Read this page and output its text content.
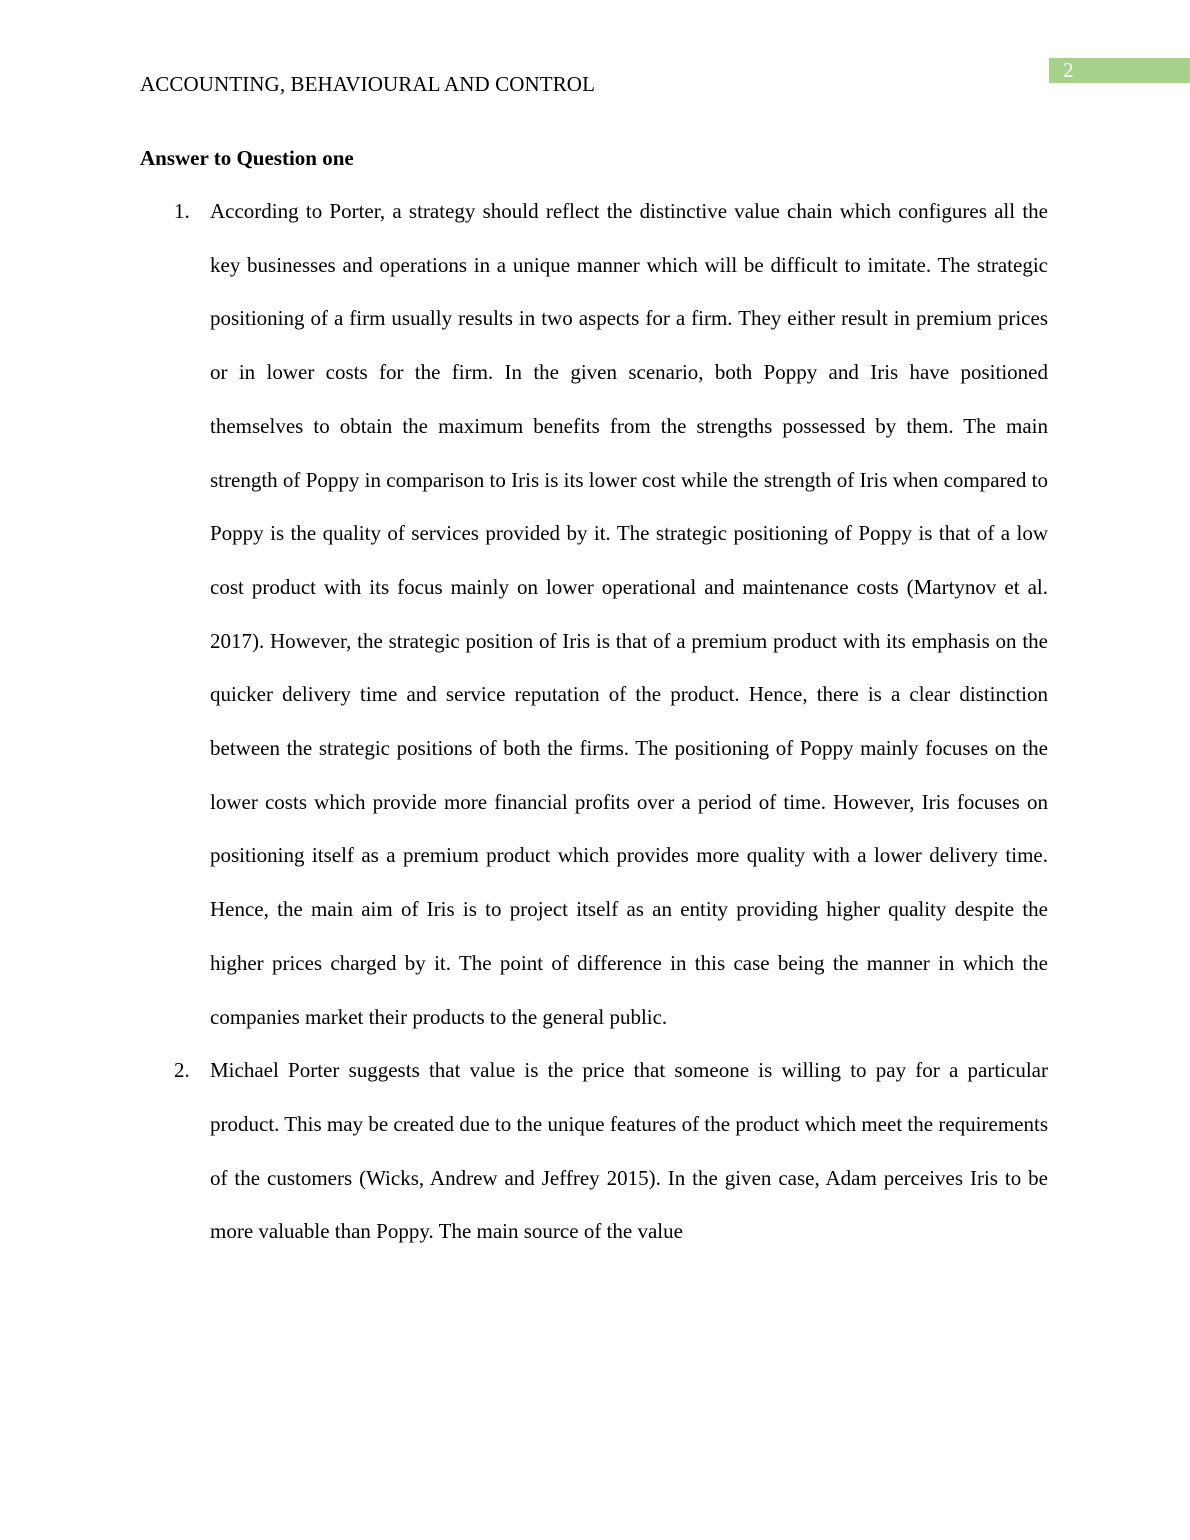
2
ACCOUNTING, BEHAVIOURAL AND CONTROL
Answer to Question one
1. According to Porter, a strategy should reflect the distinctive value chain which configures all the key businesses and operations in a unique manner which will be difficult to imitate. The strategic positioning of a firm usually results in two aspects for a firm. They either result in premium prices or in lower costs for the firm. In the given scenario, both Poppy and Iris have positioned themselves to obtain the maximum benefits from the strengths possessed by them. The main strength of Poppy in comparison to Iris is its lower cost while the strength of Iris when compared to Poppy is the quality of services provided by it. The strategic positioning of Poppy is that of a low cost product with its focus mainly on lower operational and maintenance costs (Martynov et al. 2017). However, the strategic position of Iris is that of a premium product with its emphasis on the quicker delivery time and service reputation of the product. Hence, there is a clear distinction between the strategic positions of both the firms. The positioning of Poppy mainly focuses on the lower costs which provide more financial profits over a period of time. However, Iris focuses on positioning itself as a premium product which provides more quality with a lower delivery time. Hence, the main aim of Iris is to project itself as an entity providing higher quality despite the higher prices charged by it. The point of difference in this case being the manner in which the companies market their products to the general public.
2. Michael Porter suggests that value is the price that someone is willing to pay for a particular product. This may be created due to the unique features of the product which meet the requirements of the customers (Wicks, Andrew and Jeffrey 2015). In the given case, Adam perceives Iris to be more valuable than Poppy. The main source of the value
